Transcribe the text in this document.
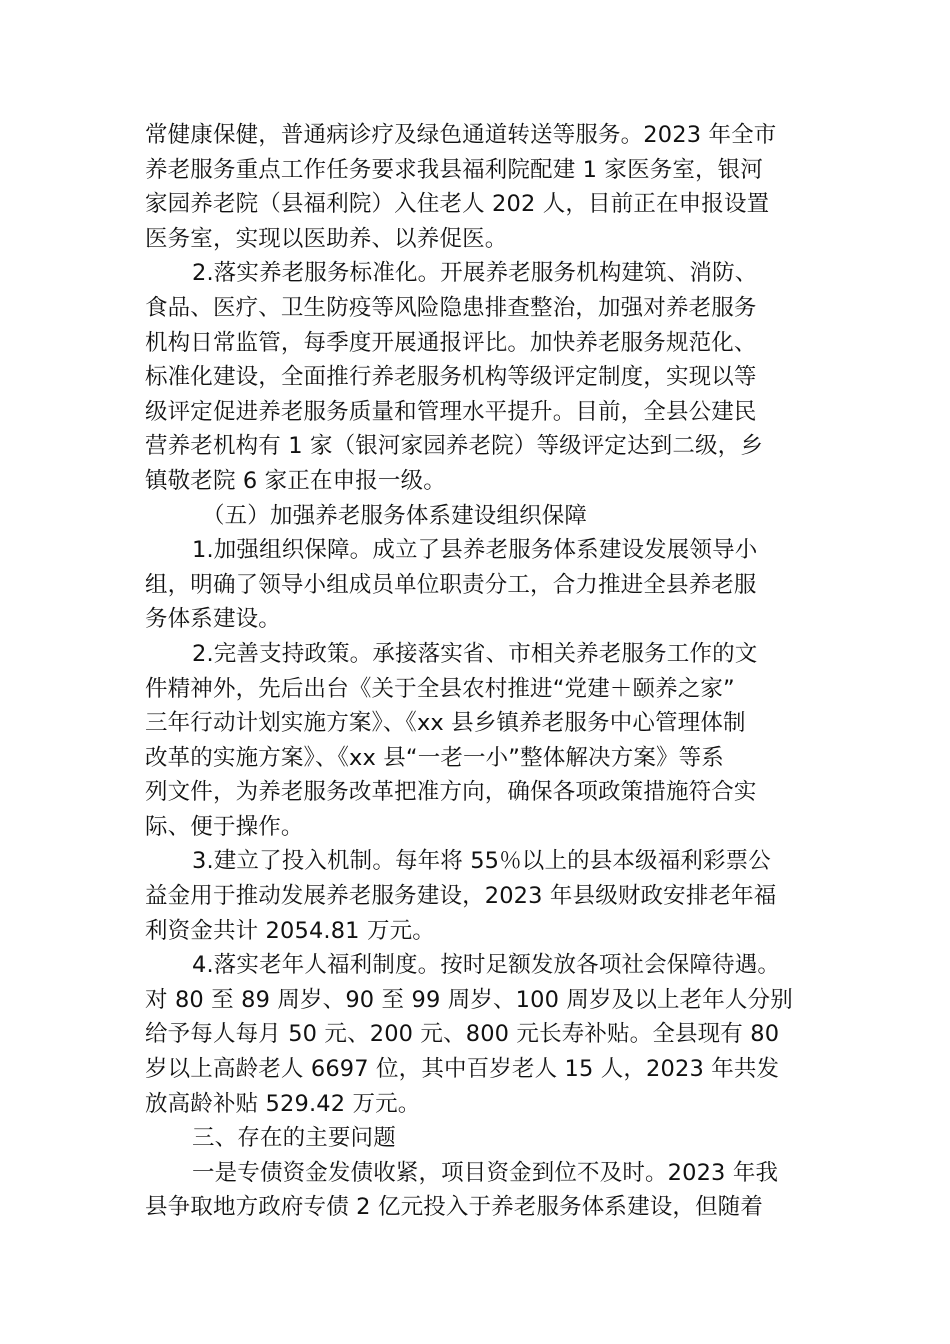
常健康保健，普通病诊疗及绿色通道转送等服务。2023 年全市
养老服务重点工作任务要求我县福利院配建 1 家医务室，银河
家园养老院（县福利院）入住老人 202 人，目前正在申报设置
医务室，实现以医助养、以养促医。
2.落实养老服务标准化。开展养老服务机构建筑、消防、
食品、医疗、卫生防疫等风险隐患排查整治，加强对养老服务
机构日常监管，每季度开展通报评比。加快养老服务规范化、
标准化建设，全面推行养老服务机构等级评定制度，实现以等
级评定促进养老服务质量和管理水平提升。目前，全县公建民
营养老机构有 1 家（银河家园养老院）等级评定达到二级，乡
镇敬老院 6 家正在申报一级。
（五）加强养老服务体系建设组织保障
1.加强组织保障。成立了县养老服务体系建设发展领导小
组，明确了领导小组成员单位职责分工，合力推进全县养老服
务体系建设。
2.完善支持政策。承接落实省、市相关养老服务工作的文
件精神外，先后出台《关于全县农村推进“党建＋颐养之家”
三年行动计划实施方案》、《xx 县乡镇养老服务中心管理体制
改革的实施方案》、《xx 县“一老一小”整体解决方案》等系
列文件，为养老服务改革把准方向，确保各项政策措施符合实
际、便于操作。
3.建立了投入机制。每年将 55％以上的县本级福利彩票公
益金用于推动发展养老服务建设，2023 年县级财政安排老年福
利资金共计 2054.81 万元。
4.落实老年人福利制度。按时足额发放各项社会保障待遇。
对 80 至 89 周岁、90 至 99 周岁、100 周岁及以上老年人分别
给予每人每月 50 元、200 元、800 元长寿补贴。全县现有 80
岁以上高龄老人 6697 位，其中百岁老人 15 人，2023 年共发
放高龄补贴 529.42 万元。
三、存在的主要问题
一是专债资金发债收紧，项目资金到位不及时。2023 年我
县争取地方政府专债 2 亿元投入于养老服务体系建设，但随着
